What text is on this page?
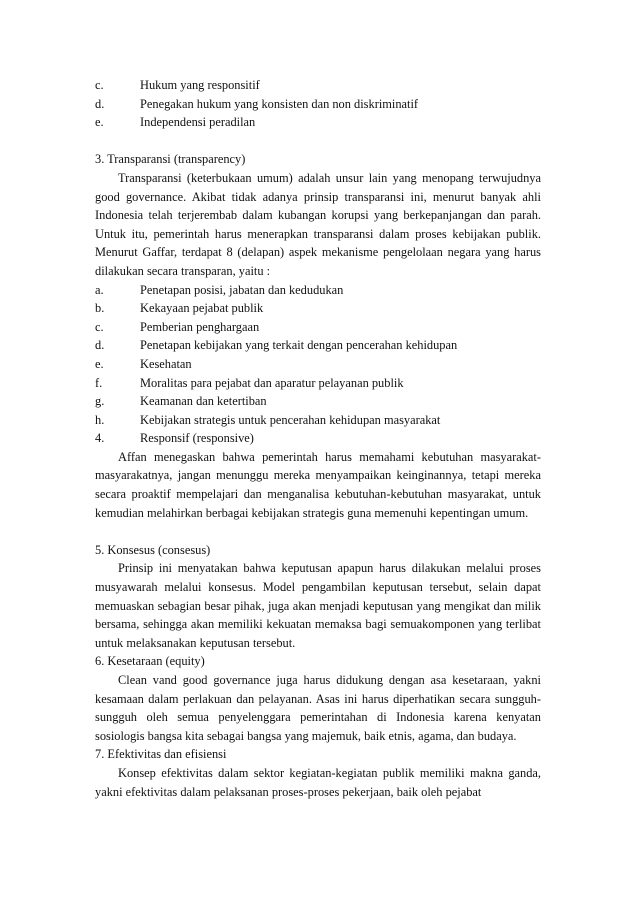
c.	Hukum yang responsitif
d.	Penegakan hukum yang konsisten dan non diskriminatif
e.	Independensi peradilan
3. Transparansi (transparency)

Transparansi (keterbukaan umum) adalah unsur lain yang menopang terwujudnya good governance. Akibat tidak adanya prinsip transparansi ini, menurut banyak ahli Indonesia telah terjerembab dalam kubangan korupsi yang berkepanjangan dan parah. Untuk itu, pemerintah harus menerapkan transparansi dalam proses kebijakan publik. Menurut Gaffar, terdapat 8 (delapan) aspek mekanisme pengelolaan negara yang harus dilakukan secara transparan, yaitu :

a.	Penetapan posisi, jabatan dan kedudukan
b.	Kekayaan pejabat publik
c.	Pemberian penghargaan
d.	Penetapan kebijakan yang terkait dengan pencerahan kehidupan
e.	Kesehatan
f.	Moralitas para pejabat dan aparatur pelayanan publik
g.	Keamanan dan ketertiban
h.	Kebijakan strategis untuk pencerahan kehidupan masyarakat
4.	Responsif (responsive)

Affan menegaskan bahwa pemerintah harus memahami kebutuhan masyarakat-masyarakatnya, jangan menunggu mereka menyampaikan keinginannya, tetapi mereka secara proaktif mempelajari dan menganalisa kebutuhan-kebutuhan masyarakat, untuk kemudian melahirkan berbagai kebijakan strategis guna memenuhi kepentingan umum.

5. Konsesus (consesus)

Prinsip ini menyatakan bahwa keputusan apapun harus dilakukan melalui proses musyawarah melalui konsesus. Model pengambilan keputusan tersebut, selain dapat memuaskan sebagian besar pihak, juga akan menjadi keputusan yang mengikat dan milik bersama, sehingga akan memiliki kekuatan memaksa bagi semuakomponen yang terlibat untuk melaksanakan keputusan tersebut.

6. Kesetaraan (equity)

Clean vand good governance juga harus didukung dengan asa kesetaraan, yakni kesamaan dalam perlakuan dan pelayanan. Asas ini harus diperhatikan secara sungguh-sungguh oleh semua penyelenggara pemerintahan di Indonesia karena kenyatan sosiologis bangsa kita sebagai bangsa yang majemuk, baik etnis, agama, dan budaya.

7. Efektivitas dan efisiensi

Konsep efektivitas dalam sektor kegiatan-kegiatan publik memiliki makna ganda, yakni efektivitas dalam pelaksanan proses-proses pekerjaan, baik oleh pejabat
